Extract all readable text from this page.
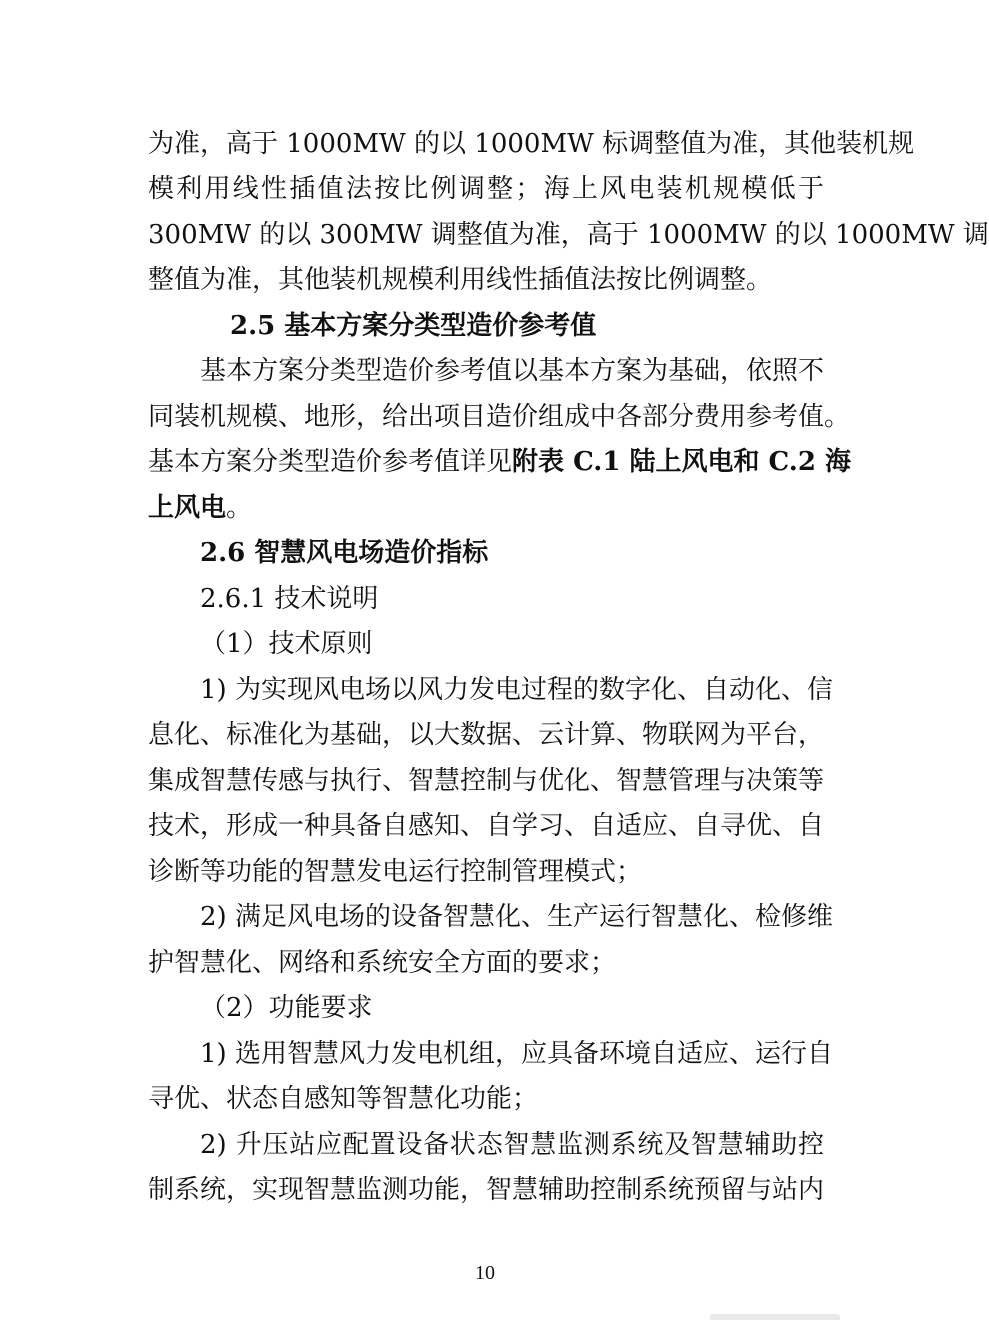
为准，高于 1000MW 的以 1000MW 标调整值为准，其他装机规
模利用线性插值法按比例调整；海上风电装机规模低于
300MW 的以 300MW 调整值为准，高于 1000MW 的以 1000MW 调
整值为准，其他装机规模利用线性插值法按比例调整。
2.5 基本方案分类型造价参考值
基本方案分类型造价参考值以基本方案为基础，依照不
同装机规模、地形，给出项目造价组成中各部分费用参考值。
基本方案分类型造价参考值详见附表 C.1 陆上风电和 C.2 海
上风电。
2.6 智慧风电场造价指标
2.6.1 技术说明
（1）技术原则
1) 为实现风电场以风力发电过程的数字化、自动化、信
息化、标准化为基础，以大数据、云计算、物联网为平台，
集成智慧传感与执行、智慧控制与优化、智慧管理与决策等
技术，形成一种具备自感知、自学习、自适应、自寻优、自
诊断等功能的智慧发电运行控制管理模式；
2) 满足风电场的设备智慧化、生产运行智慧化、检修维
护智慧化、网络和系统安全方面的要求；
（2）功能要求
1) 选用智慧风力发电机组，应具备环境自适应、运行自
寻优、状态自感知等智慧化功能；
2) 升压站应配置设备状态智慧监测系统及智慧辅助控
制系统，实现智慧监测功能，智慧辅助控制系统预留与站内
10
